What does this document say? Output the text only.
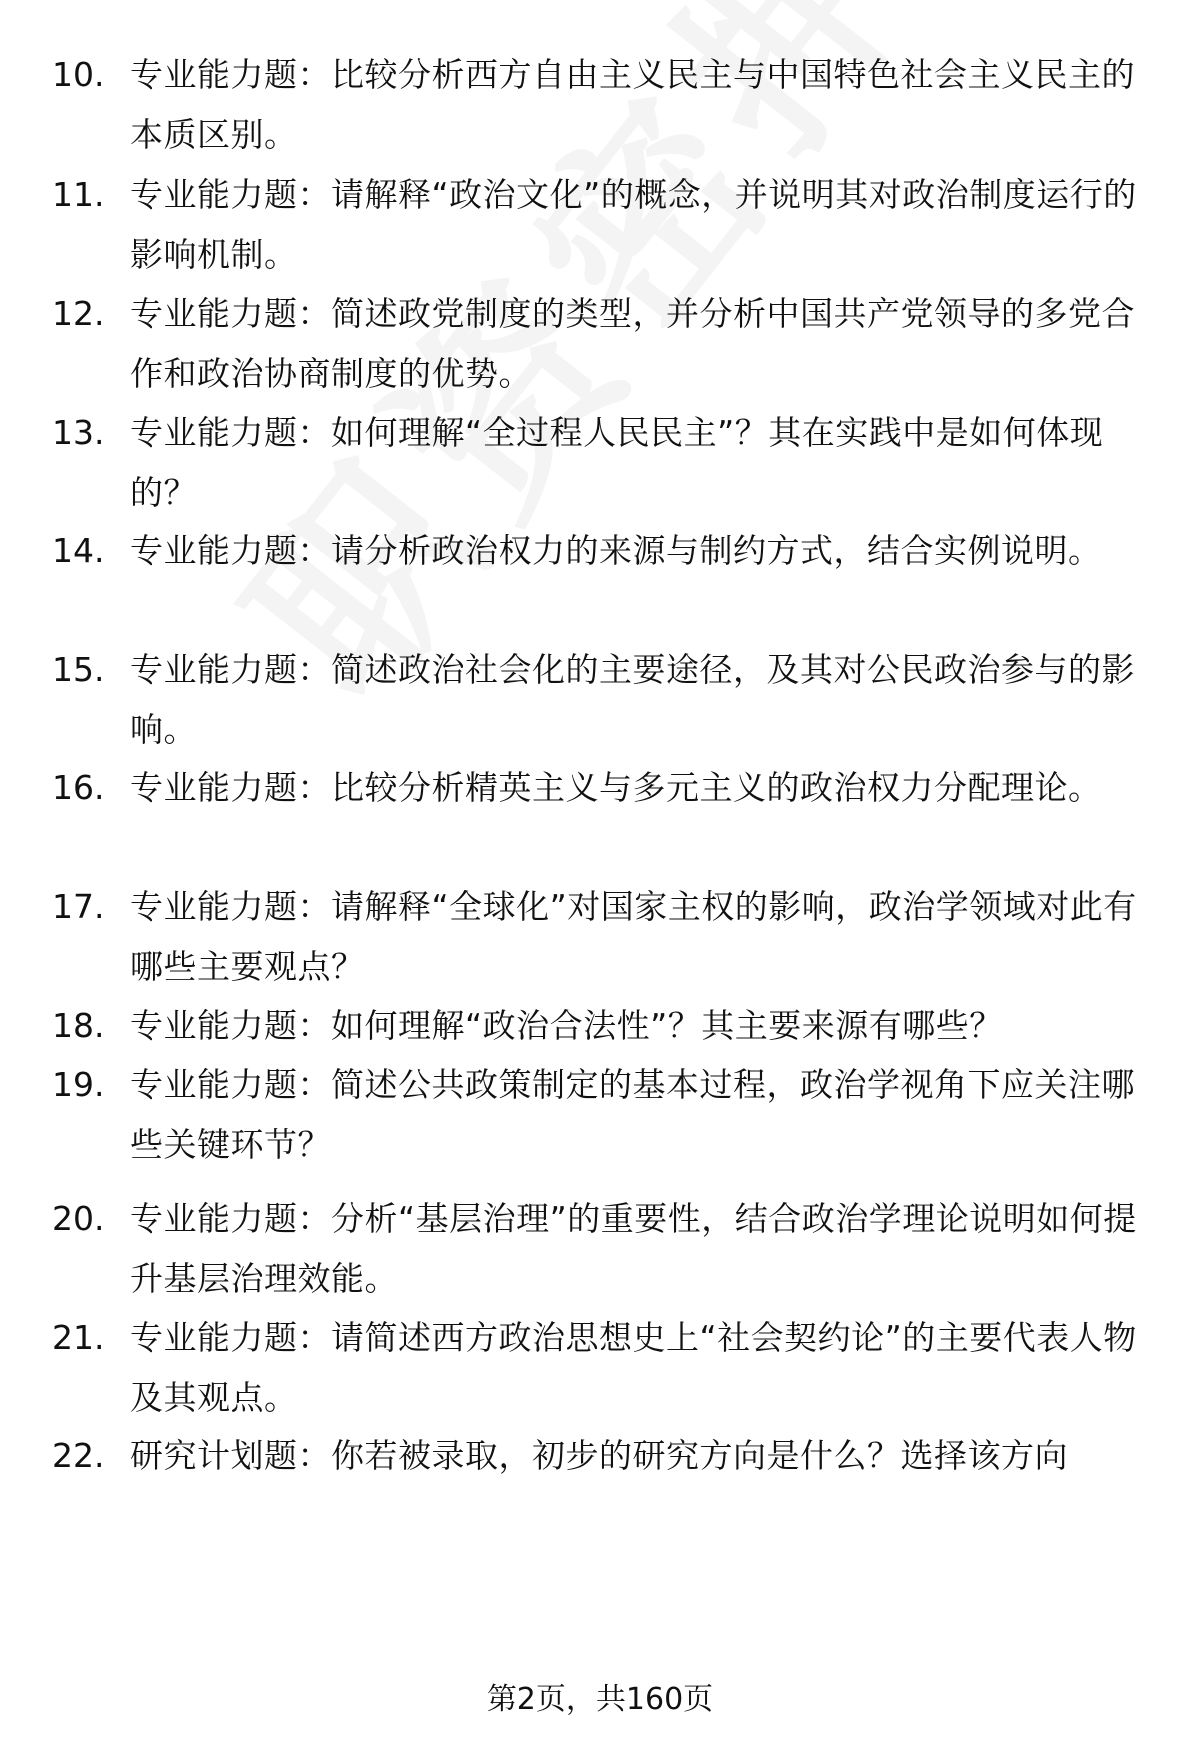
10. 专业能力题：比较分析西方自由主义民主与中国特色社会主义民主的本质区别。
11. 专业能力题：请解释“政治文化”的概念，并说明其对政治制度运行的影响机制。
12. 专业能力题：简述政党制度的类型，并分析中国共产党领导的多党合作和政治协商制度的优势。
13. 专业能力题：如何理解“全过程人民民主”？其在实践中是如何体现的？
14. 专业能力题：请分析政治权力的来源与制约方式，结合实例说明。
15. 专业能力题：简述政治社会化的主要途径，及其对公民政治参与的影响。
16. 专业能力题：比较分析精英主义与多元主义的政治权力分配理论。
17. 专业能力题：请解释“全球化”对国家主权的影响，政治学领域对此有哪些主要观点？
18. 专业能力题：如何理解“政治合法性”？其主要来源有哪些？
19. 专业能力题：简述公共政策制定的基本过程，政治学视角下应关注哪些关键环节？
20. 专业能力题：分析“基层治理”的重要性，结合政治学理论说明如何提升基层治理效能。
21. 专业能力题：请简述西方政治思想史上“社会契约论”的主要代表人物及其观点。
22. 研究计划题：你若被录取，初步的研究方向是什么？选择该方向
第2页，共160页
